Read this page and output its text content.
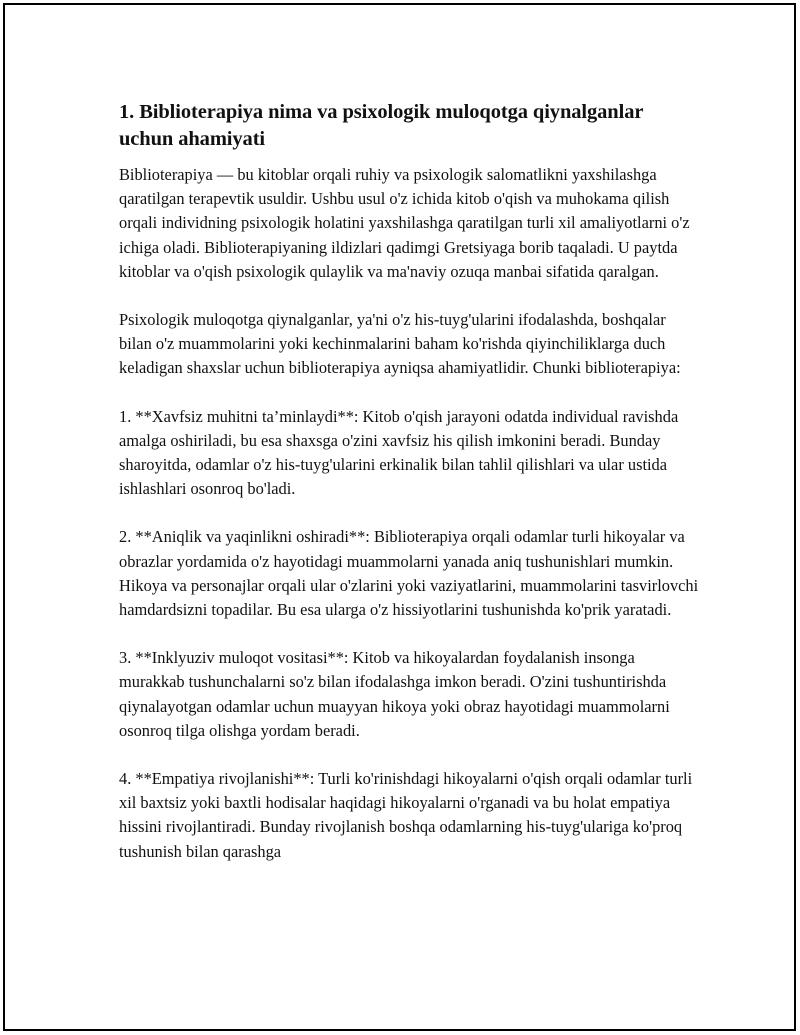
1. Biblioterapiya nima va psixologik muloqotga qiynalganlar uchun ahamiyati

Biblioterapiya — bu kitoblar orqali ruhiy va psixologik salomatlikni yaxshilashga qaratilgan terapevtik usuldir. Ushbu usul o'z ichida kitob o'qish va muhokama qilish orqali individning psixologik holatini yaxshilashga qaratilgan turli xil amaliyotlarni o'z ichiga oladi. Biblioterapiyaning ildizlari qadimgi Gretsiyaga borib taqaladi. U paytda kitoblar va o'qish psixologik qulaylik va ma'naviy ozuqa manbai sifatida qaralgan.

Psixologik muloqotga qiynalganlar, ya'ni o'z his-tuyg'ularini ifodalashda, boshqalar bilan o'z muammolarini yoki kechinmalarini baham ko'rishda qiyinchiliklarga duch keladigan shaxslar uchun biblioterapiya ayniqsa ahamiyatlidir. Chunki biblioterapiya:

1. **Xavfsiz muhitni ta’minlaydi**: Kitob o'qish jarayoni odatda individual ravishda amalga oshiriladi, bu esa shaxsga o'zini xavfsiz his qilish imkonini beradi. Bunday sharoyitda, odamlar o'z his-tuyg'ularini erkinalik bilan tahlil qilishlari va ular ustida ishlashlari osonroq bo'ladi.

2. **Aniqlik va yaqinlikni oshiradi**: Biblioterapiya orqali odamlar turli hikoyalar va obrazlar yordamida o'z hayotidagi muammolarni yanada aniq tushunishlari mumkin. Hikoya va personajlar orqali ular o'zlarini yoki vaziyatlarini, muammolarini tasvirlovchi hamdardsizni topadilar. Bu esa ularga o'z hissiyotlarini tushunishda ko'prik yaratadi.

3. **Inklyuziv muloqot vositasi**: Kitob va hikoyalardan foydalanish insonga murakkab tushunchalarni so'z bilan ifodalashga imkon beradi. O'zini tushuntirishda qiynalayotgan odamlar uchun muayyan hikoya yoki obraz hayotidagi muammolarni osonroq tilga olishga yordam beradi.

4. **Empatiya rivojlanishi**: Turli ko'rinishdagi hikoyalarni o'qish orqali odamlar turli xil baxtsiz yoki baxtli hodisalar haqidagi hikoyalarni o'rganadi va bu holat empatiya hissini rivojlantiradi. Bunday rivojlanish boshqa odamlarning his-tuyg'ulariga ko'proq tushunish bilan qarashga
